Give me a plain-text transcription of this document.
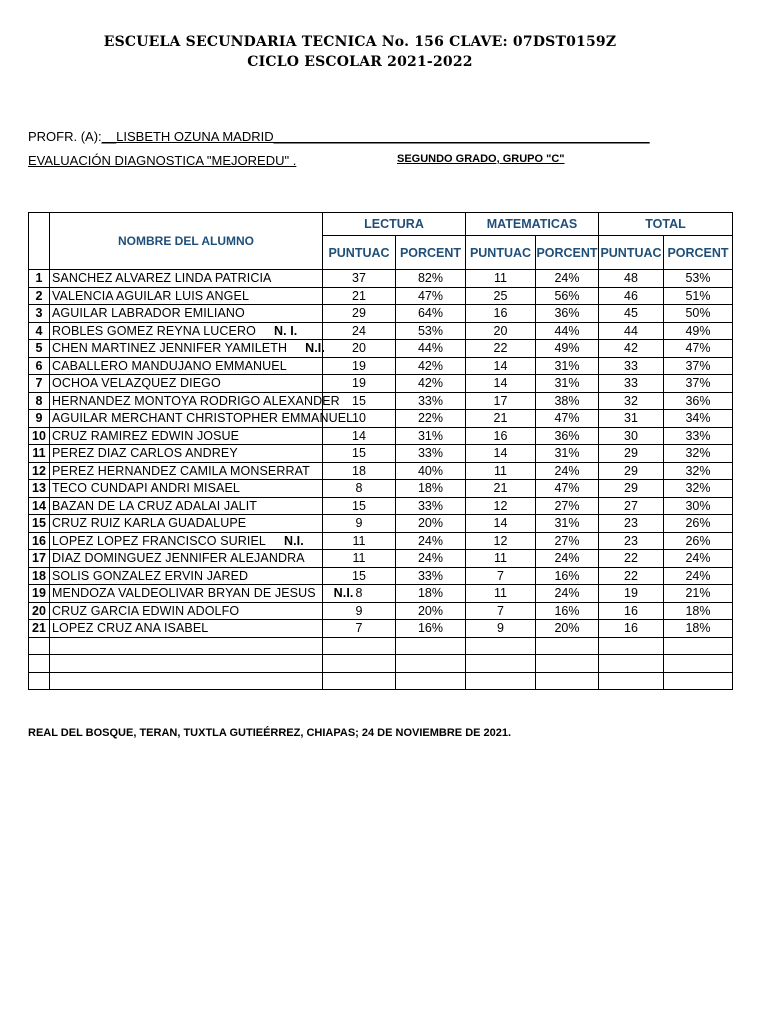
ESCUELA SECUNDARIA TECNICA No. 156 CLAVE: 07DST0159Z
CICLO ESCOLAR 2021-2022
PROFR. (A):__LISBETH OZUNA MADRID____________________________________________________
EVALUACIÓN DIAGNOSTICA "MEJOREDU" .	SEGUNDO GRADO, GRUPO "C"
	NOMBRE DEL ALUMNO	LECTURA		MATEMATICAS		TOTAL	
		PUNTUAC	PORCENT	PUNTUAC	PORCENT	PUNTUAC	PORCENT
1	SANCHEZ ALVAREZ LINDA PATRICIA	37	82%	11	24%	48	53%
2	VALENCIA AGUILAR LUIS ANGEL	21	47%	25	56%	46	51%
3	AGUILAR LABRADOR EMILIANO	29	64%	16	36%	45	50%
4	ROBLES GOMEZ REYNA LUCERO N. I.	24	53%	20	44%	44	49%
5	CHEN MARTINEZ JENNIFER YAMILETH N.I.	20	44%	22	49%	42	47%
6	CABALLERO MANDUJANO EMMANUEL	19	42%	14	31%	33	37%
7	OCHOA VELAZQUEZ DIEGO	19	42%	14	31%	33	37%
8	HERNANDEZ MONTOYA RODRIGO ALEXANDER	15	33%	17	38%	32	36%
9	AGUILAR MERCHANT CHRISTOPHER EMMANUEL	10	22%	21	47%	31	34%
10	CRUZ RAMIREZ EDWIN JOSUE	14	31%	16	36%	30	33%
11	PEREZ DIAZ CARLOS ANDREY	15	33%	14	31%	29	32%
12	PEREZ HERNANDEZ CAMILA MONSERRAT	18	40%	11	24%	29	32%
13	TECO CUNDAPI ANDRI MISAEL	8	18%	21	47%	29	32%
14	BAZAN DE LA CRUZ ADALAI JALIT	15	33%	12	27%	27	30%
15	CRUZ RUIZ KARLA GUADALUPE	9	20%	14	31%	23	26%
16	LOPEZ LOPEZ FRANCISCO SURIEL N.I.	11	24%	12	27%	23	26%
17	DIAZ DOMINGUEZ JENNIFER ALEJANDRA	11	24%	11	24%	22	24%
18	SOLIS GONZALEZ ERVIN JARED	15	33%	7	16%	22	24%
19	MENDOZA VALDEOLIVAR BRYAN DE JESUS N.I.	8	18%	11	24%	19	21%
20	CRUZ GARCIA EDWIN ADOLFO	9	20%	7	16%	16	18%
21	LOPEZ CRUZ ANA ISABEL	7	16%	9	20%	16	18%

REAL DEL BOSQUE, TERAN, TUXTLA GUTIEÉRREZ, CHIAPAS; 24 DE NOVIEMBRE DE 2021.
